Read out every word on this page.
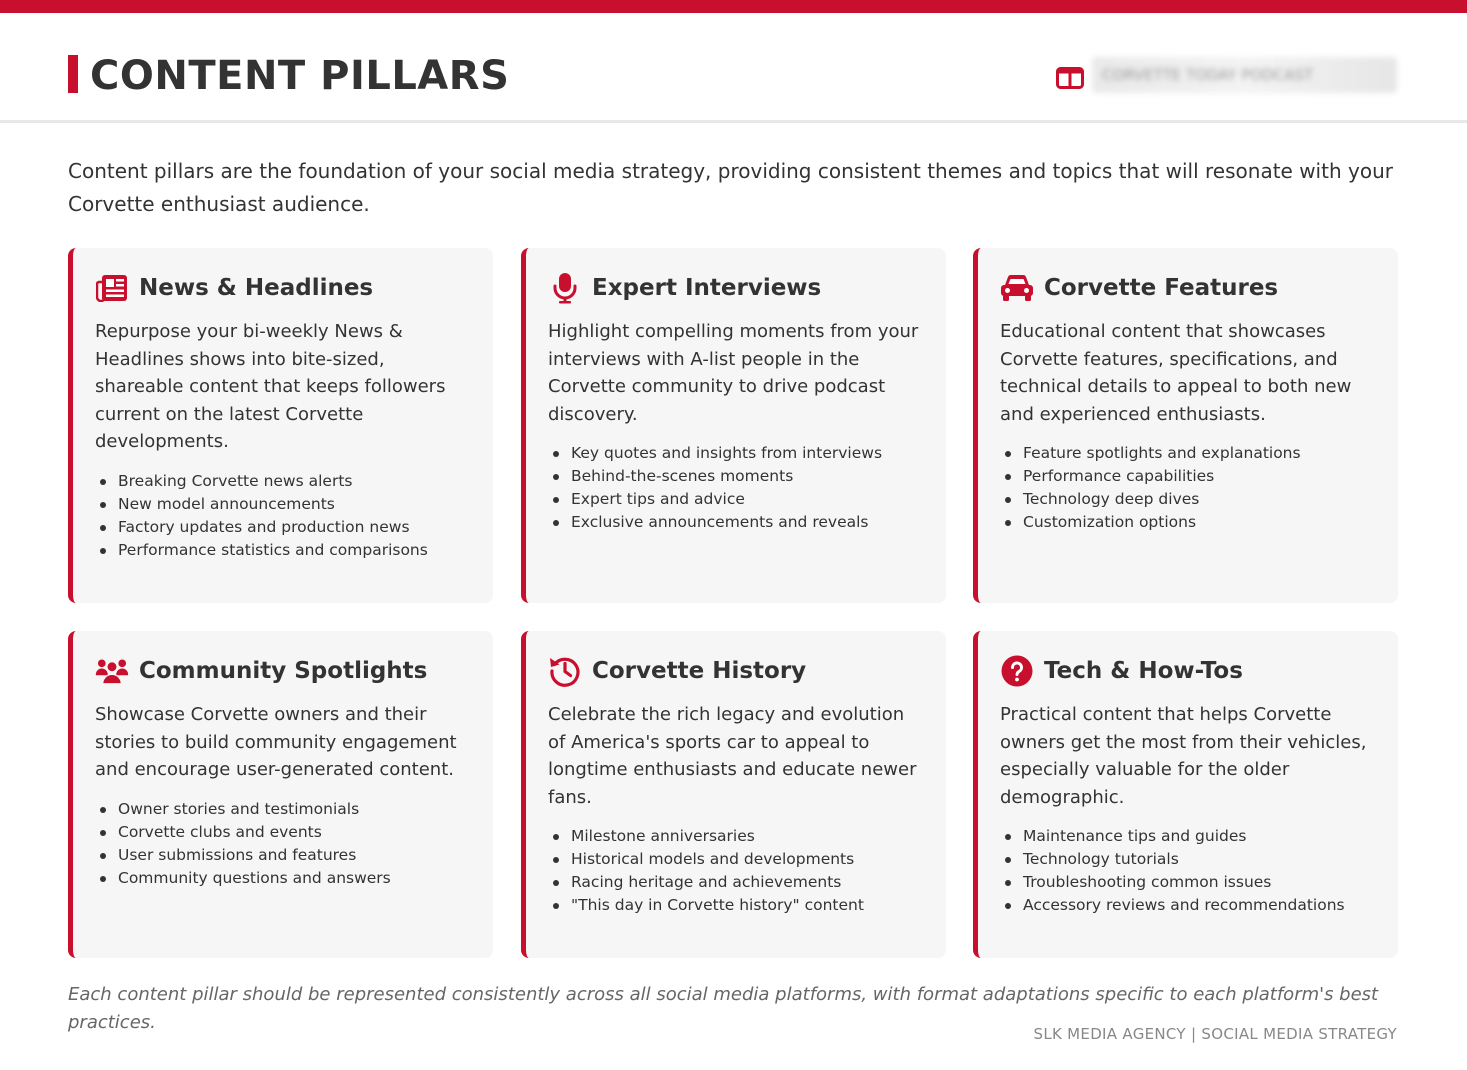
CONTENT PILLARS	CORVETTE TODAY PODCAST

Content pillars are the foundation of your social media strategy, providing consistent themes and topics that will resonate with your Corvette enthusiast audience.

News & Headlines

Repurpose your bi-weekly News & Headlines shows into bite-sized, shareable content that keeps followers current on the latest Corvette developments.

Breaking Corvette news alerts
New model announcements
Factory updates and production news
Performance statistics and comparisons
Expert Interviews

Highlight compelling moments from your interviews with A-list people in the Corvette community to drive podcast discovery.

Key quotes and insights from interviews
Behind-the-scenes moments
Expert tips and advice
Exclusive announcements and reveals
Corvette Features

Educational content that showcases Corvette features, specifications, and technical details to appeal to both new and experienced enthusiasts.

Feature spotlights and explanations
Performance capabilities
Technology deep dives
Customization options
Community Spotlights

Showcase Corvette owners and their stories to build community engagement and encourage user-generated content.

Owner stories and testimonials
Corvette clubs and events
User submissions and features
Community questions and answers
Corvette History

Celebrate the rich legacy and evolution of America's sports car to appeal to longtime enthusiasts and educate newer fans.

Milestone anniversaries
Historical models and developments
Racing heritage and achievements
"This day in Corvette history" content
Tech & How-Tos

Practical content that helps Corvette owners get the most from their vehicles, especially valuable for the older demographic.

Maintenance tips and guides
Technology tutorials
Troubleshooting common issues
Accessory reviews and recommendations

Each content pillar should be represented consistently across all social media platforms, with format adaptations specific to each platform's best practices.

SLK MEDIA AGENCY | SOCIAL MEDIA STRATEGY
